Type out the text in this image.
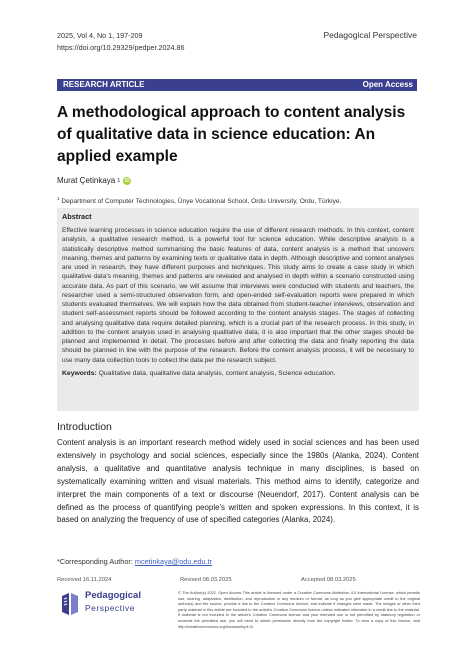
2025, Vol 4, No 1, 197-209
https://doi.org/10.29329/pedper.2024.86
Pedagogical Perspective
RESEARCH ARTICLE	Open Access
A methodological approach to content analysis of qualitative data in science education: An applied example
Murat Çetinkaya 1 iD
$^1$ Department of Computer Technologies, Ünye Vocational School, Ordu University, Ordu, Türkiye.
Abstract
Effective learning processes in science education require the use of different research methods. In this context, content analysis, a qualitative research method, is a powerful tool for science education. While descriptive analysis is a statistically descriptive method summarising the basic features of data, content analysis is a method that uncovers meaning, themes and patterns by examining texts or qualitative data in depth. Although descriptive and content analyses are used in research, they have different purposes and techniques. This study aims to create a case study in which qualitative data's meaning, themes and patterns are revealed and analysed in depth within a scenario constructed using accurate data. As part of this scenario, we will assume that interviews were conducted with students and teachers, the researcher used a semi-structured observation form, and open-ended self-evaluation reports were prepared in which students evaluated themselves. We will explain how the data obtained from student-teacher interviews, observation and student self-assessment reports should be followed according to the content analysis stages. The stages of collecting and analysing qualitative data require detailed planning, which is a crucial part of the research process. In this study, in addition to the content analysis used in analysing qualitative data, it is also important that the other stages should be planned and implemented in detail. The processes before and after collecting the data and finally reporting the data should be planned in line with the purpose of the research. Before the content analysis process, it will be necessary to use many data collection tools to collect the data per the research subject.
Keywords: Qualitative data, qualitative data analysis, content analysis, Science education.
Introduction
Content analysis is an important research method widely used in social sciences and has been used extensively in psychology and social sciences, especially since the 1980s (Alanka, 2024). Content analysis, a qualitative and quantitative analysis technique in many disciplines, is based on systematically examining written and visual materials. This method aims to identify, categorize and interpret the main components of a text or discourse (Neuendorf, 2017). Content analysis can be defined as the process of quantifying people's written and spoken expressions. In this context, it is based on analyzing the frequency of use of specified categories (Alanka, 2024).
*Corresponding Author: mcetinkaya@odu.edu.tr
Received 16.11.2024	Revised 08.03.2025	Accepted 08.03.2025
Pedagogical
Perspective
© The Author(s) 2022. Open Access This article is licensed under a Creative Commons Attribution 4.0 International License, which permits use, sharing, adaptation, distribution, and reproduction in any medium or format, as long as you give appropriate credit to the original author(s) and the source, provide a link to the Creative Commons licence, and indicate if changes were made. The images or other third party material in this article are included in the article's Creative Commons licence unless indicated otherwise in a credit line to the material. If material is not included in the article's Creative Commons licence and your intended use is not permitted by statutory regulation or exceeds the permitted use, you will need to obtain permission directly from the copyright holder. To view a copy of this licence, visit http://creativecommons.org/licenses/by/4.0/.
